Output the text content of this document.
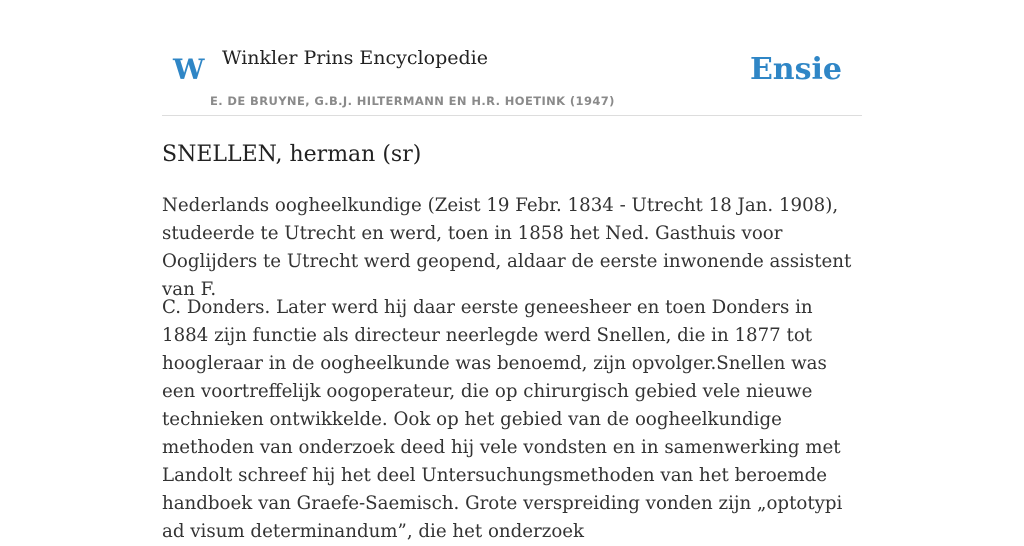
W Winkler Prins Encyclopedie
E. DE BRUYNE, G.B.J. HILTERMANN EN H.R. HOETINK (1947)
Ensie
SNELLEN, herman (sr)

Nederlands oogheelkundige (Zeist 19 Febr. 1834 - Utrecht 18 Jan. 1908), studeerde te Utrecht en werd, toen in 1858 het Ned. Gasthuis voor Ooglijders te Utrecht werd geopend, aldaar de eerste inwonende assistent van F.

C. Donders. Later werd hij daar eerste geneesheer en toen Donders in 1884 zijn functie als directeur neerlegde werd Snellen, die in 1877 tot hoogleraar in de oogheelkunde was benoemd, zijn opvolger.Snellen was een voortreffelijk oogoperateur, die op chirurgisch gebied vele nieuwe technieken ontwikkelde. Ook op het gebied van de oogheelkundige methoden van onderzoek deed hij vele vondsten en in samenwerking met Landolt schreef hij het deel Untersuchungsmethoden van het beroemde handboek van Graefe-Saemisch. Grote verspreiding vonden zijn „optotypi ad visum determinandum”, die het onderzoek
